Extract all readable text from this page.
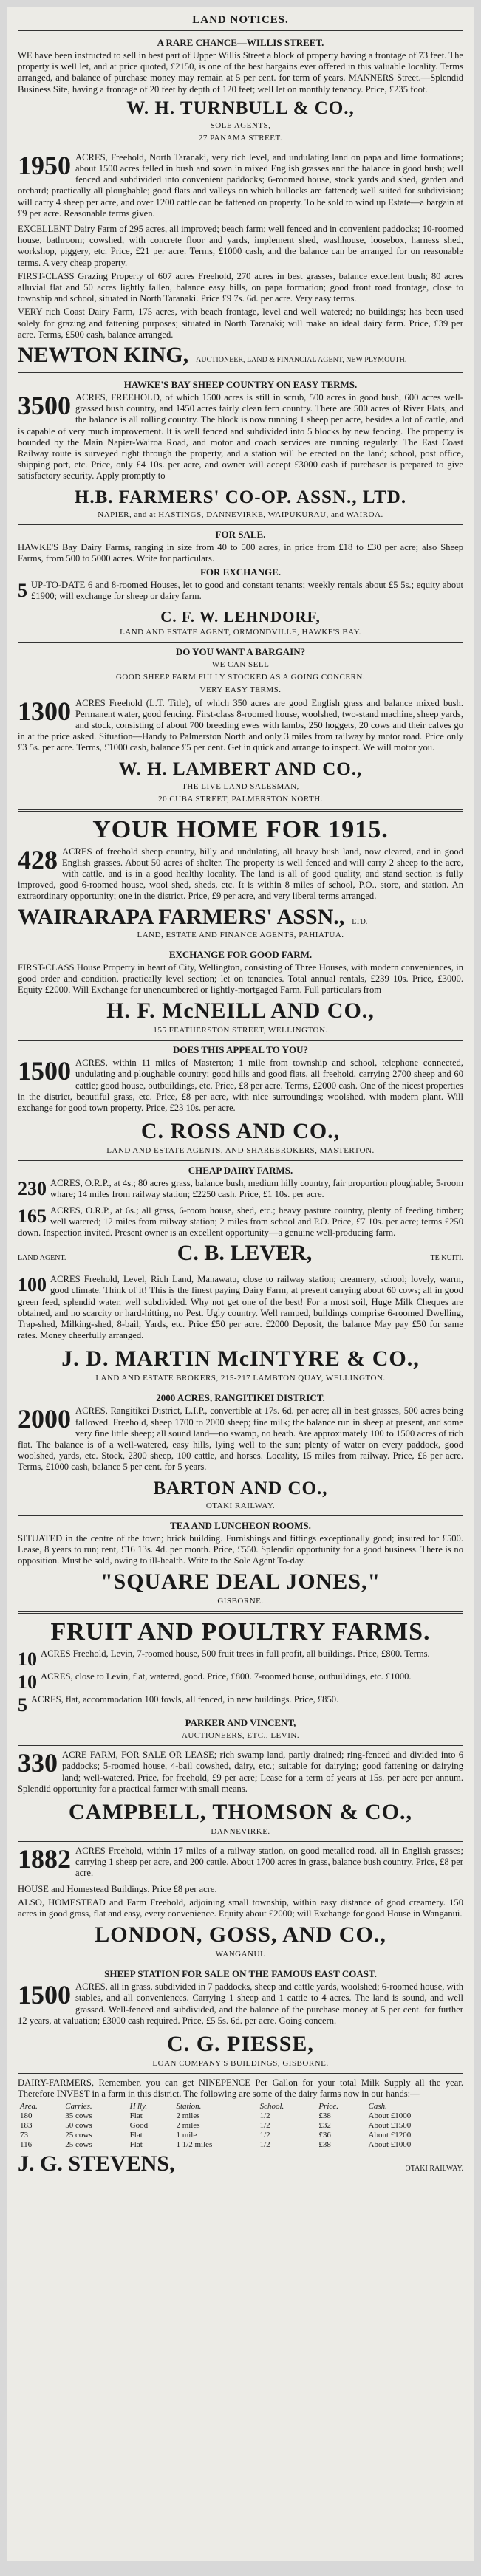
LAND NOTICES.
A RARE CHANCE—WILLIS STREET.
WE have been instructed to sell in best part of Upper Willis Street a block of property having a frontage of 73 feet. The property is well let, and at price quoted, £2150, is one of the best bargains ever offered in this valuable locality. Terms arranged, and balance of purchase money may remain at 5 per cent. for term of years. MANNERS Street.—Splendid Business Site, having a frontage of 20 feet by depth of 120 feet; well let on monthly tenancy. Price, £235 foot.
W. H. TURNBULL & CO.,
SOLE AGENTS,
27 PANAMA STREET.
1950 ACRES, Freehold, North Taranaki, very rich level, and undulating land on papa and lime formations; about 1500 acres felled in bush and sown in mixed English grasses and the balance in good bush; well fenced and subdivided into convenient paddocks; 6-roomed house, stock yards and shed, garden and orchard; practically all ploughable; good flats and valleys on which bullocks are fattened; well suited for subdivision; will carry 4 sheep per acre, and over 1200 cattle can be fattened on property. To be sold to wind up Estate—a bargain at £9 per acre. Reasonable terms given.
EXCELLENT Dairy Farm of 295 acres, all improved; beach farm; well fenced and in convenient paddocks; 10-roomed house, bathroom; cowshed, with concrete floor and yards, implement shed, washhouse, loosebox, harness shed, workshop, piggery, etc. Price, £21 per acre. Terms, £1000 cash, and the balance can be arranged for on reasonable terms. A very cheap property.
FIRST-CLASS Grazing Property of 607 acres Freehold, 270 acres in best grasses, balance excellent bush; 80 acres alluvial flat and 50 acres lightly fallen, balance easy hills, on papa formation; good front road frontage, close to township and school, situated in North Taranaki. Price £9 7s. 6d. per acre. Very easy terms.
VERY rich Coast Dairy Farm, 175 acres, with beach frontage, level and well watered; no buildings; has been used solely for grazing and fattening purposes; situated in North Taranaki; will make an ideal dairy farm. Price, £39 per acre. Terms, £500 cash, balance arranged.
NEWTON KING, AUCTIONEER, LAND & FINANCIAL AGENT, NEW PLYMOUTH.
HAWKE'S BAY SHEEP COUNTRY ON EASY TERMS.
3500 ACRES, FREEHOLD, of which 1500 acres is still in scrub, 500 acres in good bush, 600 acres well-grassed bush country, and 1450 acres fairly clean fern country. There are 500 acres of River Flats, and the balance is all rolling country. The block is now running 1 sheep per acre, besides a lot of cattle, and is capable of very much improvement. It is well fenced and subdivided into 5 blocks by new fencing. The property is bounded by the Main Napier-Wairoa Road, and motor and coach services are running regularly. The East Coast Railway route is surveyed right through the property, and a station will be erected on the land; school, post office, shipping port, etc. Price, only £4 10s. per acre, and owner will accept £3000 cash if purchaser is prepared to give satisfactory security. Apply promptly to
H.B. FARMERS' CO-OP. ASSN., LTD.
NAPIER, and at HASTINGS, DANNEVIRKE, WAIPUKURAU, and WAIROA.
FOR SALE.
HAWKE'S Bay Dairy Farms, ranging in size from 40 to 500 acres, in price from £18 to £30 per acre; also Sheep Farms, from 500 to 5000 acres. Write for particulars.
FOR EXCHANGE.
5 UP-TO-DATE 6 and 8-roomed Houses, let to good and constant tenants; weekly rentals about £5 5s.; equity about £1900; will exchange for sheep or dairy farm.
C. F. W. LEHNDORF,
LAND AND ESTATE AGENT, ORMONDVILLE, HAWKE'S BAY.
DO YOU WANT A BARGAIN?
WE CAN SELL
GOOD SHEEP FARM FULLY STOCKED AS A GOING CONCERN.
VERY EASY TERMS.
1300 ACRES Freehold (L.T. Title), of which 350 acres are good English grass and balance mixed bush. Permanent water, good fencing. First-class 8-roomed house, woolshed, two-stand machine, sheep yards, and stock, consisting of about 700 breeding ewes with lambs, 250 hoggets, 20 cows and their calves go in at the price asked. Situation—Handy to Palmerston North and only 3 miles from railway by motor road. Price only £3 5s. per acre. Terms, £1000 cash, balance £5 per cent. Get in quick and arrange to inspect. We will motor you.
W. H. LAMBERT AND CO.,
THE LIVE LAND SALESMAN,
20 CUBA STREET, PALMERSTON NORTH.
YOUR HOME FOR 1915.
428 ACRES of freehold sheep country, hilly and undulating, all heavy bush land, now cleared, and in good English grasses. About 50 acres of shelter. The property is well fenced and will carry 2 sheep to the acre, with cattle, and is in a good healthy locality. The land is all of good quality, and stand section is fully improved, good 6-roomed house, wool shed, sheds, etc. It is within 8 miles of school, P.O., store, and station. An extraordinary opportunity; one in the district. Price, £9 per acre, and very liberal terms arranged.
WAIRARAPA FARMERS' ASSN., LTD.
LAND, ESTATE AND FINANCE AGENTS, PAHIATUA.
EXCHANGE FOR GOOD FARM.
FIRST-CLASS House Property in heart of City, Wellington, consisting of Three Houses, with modern conveniences, in good order and condition, practically level section; let on tenancies. Total annual rentals, £239 10s. Price, £3000. Equity £2000. Will Exchange for unencumbered or lightly-mortgaged Farm. Full particulars from
H. F. McNEILL AND CO.,
155 FEATHERSTON STREET, WELLINGTON.
DOES THIS APPEAL TO YOU?
1500 ACRES, within 11 miles of Masterton; 1 mile from township and school, telephone connected, undulating and ploughable country; good hills and good flats, all freehold, carrying 2700 sheep and 60 cattle; good house, outbuildings, etc. Price, £8 per acre. Terms, £2000 cash. One of the nicest properties in the district, beautiful grass, etc. Price, £8 per acre, with nice surroundings; woolshed, with modern plant. Will exchange for good town property. Price, £23 10s. per acre.
C. ROSS AND CO.,
LAND AND ESTATE AGENTS, AND SHAREBROKERS, MASTERTON.
CHEAP DAIRY FARMS.
230 ACRES, O.R.P., at 4s.; 80 acres grass, balance bush, medium hilly country, fair proportion ploughable; 5-room whare; 14 miles from railway station; £2250 cash. Price, £1 10s. per acre.
165 ACRES, O.R.P., at 6s.; all grass, 6-room house, shed, etc.; heavy pasture country, plenty of feeding timber; well watered; 12 miles from railway station; 2 miles from school and P.O. Price, £7 10s. per acre; terms £250 down. Inspection invited. Present owner is an excellent opportunity—a genuine well-producing farm.
LAND AGENT.	C. B. LEVER,	TE KUITI.
100 ACRES Freehold, Level, Rich Land, Manawatu, close to railway station; creamery, school; lovely, warm, good climate. Think of it! This is the finest paying Dairy Farm, at present carrying about 60 cows; all in good green feed, splendid water, well subdivided. Why not get one of the best! For a most soil, Huge Milk Cheques are obtained, and no scarcity or hard-hitting, no Pest. Ugly country. Well ramped, buildings comprise 6-roomed Dwelling, Trap-shed, Milking-shed, 8-bail, Yards, etc. Price £50 per acre. £2000 Deposit, the balance May pay £50 for same rates. Money cheerfully arranged.
J. D. MARTIN McINTYRE & CO.,
LAND AND ESTATE BROKERS, 215-217 LAMBTON QUAY, WELLINGTON.
2000 ACRES, RANGITIKEI DISTRICT.
2000 ACRES, Rangitikei District, L.I.P., convertible at 17s. 6d. per acre; all in best grasses, 500 acres being fallowed. Freehold, sheep 1700 to 2000 sheep; fine milk; the balance run in sheep at present, and some very fine little sheep; all sound land—no swamp, no heath. Are approximately 100 to 1500 acres of rich flat. The balance is of a well-watered, easy hills, lying well to the sun; plenty of water on every paddock, good woolshed, yards, etc. Stock, 2300 sheep, 100 cattle, and horses. Locality, 15 miles from railway. Price, £6 per acre. Terms, £1000 cash, balance 5 per cent. for 5 years.
BARTON AND CO.,
OTAKI RAILWAY.
TEA AND LUNCHEON ROOMS.
SITUATED in the centre of the town; brick building. Furnishings and fittings exceptionally good; insured for £500. Lease, 8 years to run; rent, £16 13s. 4d. per month. Price, £550. Splendid opportunity for a good business. There is no opposition. Must be sold, owing to ill-health. Write to the Sole Agent To-day.
"SQUARE DEAL JONES,"
GISBORNE.
FRUIT AND POULTRY FARMS.
10 ACRES Freehold, Levin, 7-roomed house, 500 fruit trees in full profit, all buildings. Price, £800. Terms.
10 ACRES, close to Levin, flat, watered, good. Price, £800. 7-roomed house, outbuildings, etc. £1000.
5 ACRES, flat, accommodation 100 fowls, all fenced, in new buildings. Price, £850.
PARKER AND VINCENT,
AUCTIONEERS, ETC., LEVIN.
330 ACRE FARM, FOR SALE OR LEASE; rich swamp land, partly drained; ring-fenced and divided into 6 paddocks; 5-roomed house, 4-bail cowshed, dairy, etc.; suitable for dairying; good fattening or dairying land; well-watered. Price, for freehold, £9 per acre; Lease for a term of years at 15s. per acre per annum. Splendid opportunity for a practical farmer with small means.
CAMPBELL, THOMSON & CO.,
DANNEVIRKE.
1882 ACRES Freehold, within 17 miles of a railway station, on good metalled road, all in English grasses; carrying 1 sheep per acre, and 200 cattle. About 1700 acres in grass, balance bush country. Price, £8 per acre.
HOUSE and Homestead Buildings. Price £8 per acre.
ALSO, HOMESTEAD and Farm Freehold, adjoining small township, within easy distance of good creamery. 150 acres in good grass, flat and easy, every convenience. Equity about £2000; will Exchange for good House in Wanganui.
LONDON, GOSS, AND CO.,
WANGANUI.
SHEEP STATION FOR SALE ON THE FAMOUS EAST COAST.
1500 ACRES, all in grass, subdivided in 7 paddocks, sheep and cattle yards, woolshed; 6-roomed house, with stables, and all conveniences. Carrying 1 sheep and 1 cattle to 4 acres. The land is sound, and well grassed. Well-fenced and subdivided, and the balance of the purchase money at 5 per cent. for further 12 years, at valuation; £3000 cash required. Price, £5 5s. 6d. per acre. Going concern.
C. G. PIESSE,
LOAN COMPANY'S BUILDINGS, GISBORNE.
DAIRY-FARMERS, Remember, you can get NINEPENCE Per Gallon for your total Milk Supply all the year. Therefore INVEST in a farm in this district. The following are some of the dairy farms now in our hands:—
Area.	Carries.	H'lly.	Station.	School.	Price.	Cash.
180	35 cows	Flat	2 miles	1/2	£38	About £1000
183	50 cows	Good	2 miles	1/2	£32	About £1500
73	25 cows	Flat	1 mile	1/2	£36	About £1200
116	25 cows	Flat	1 1/2 miles	1/2	£38	About £1000
J. G. STEVENS,	OTAKI RAILWAY.
